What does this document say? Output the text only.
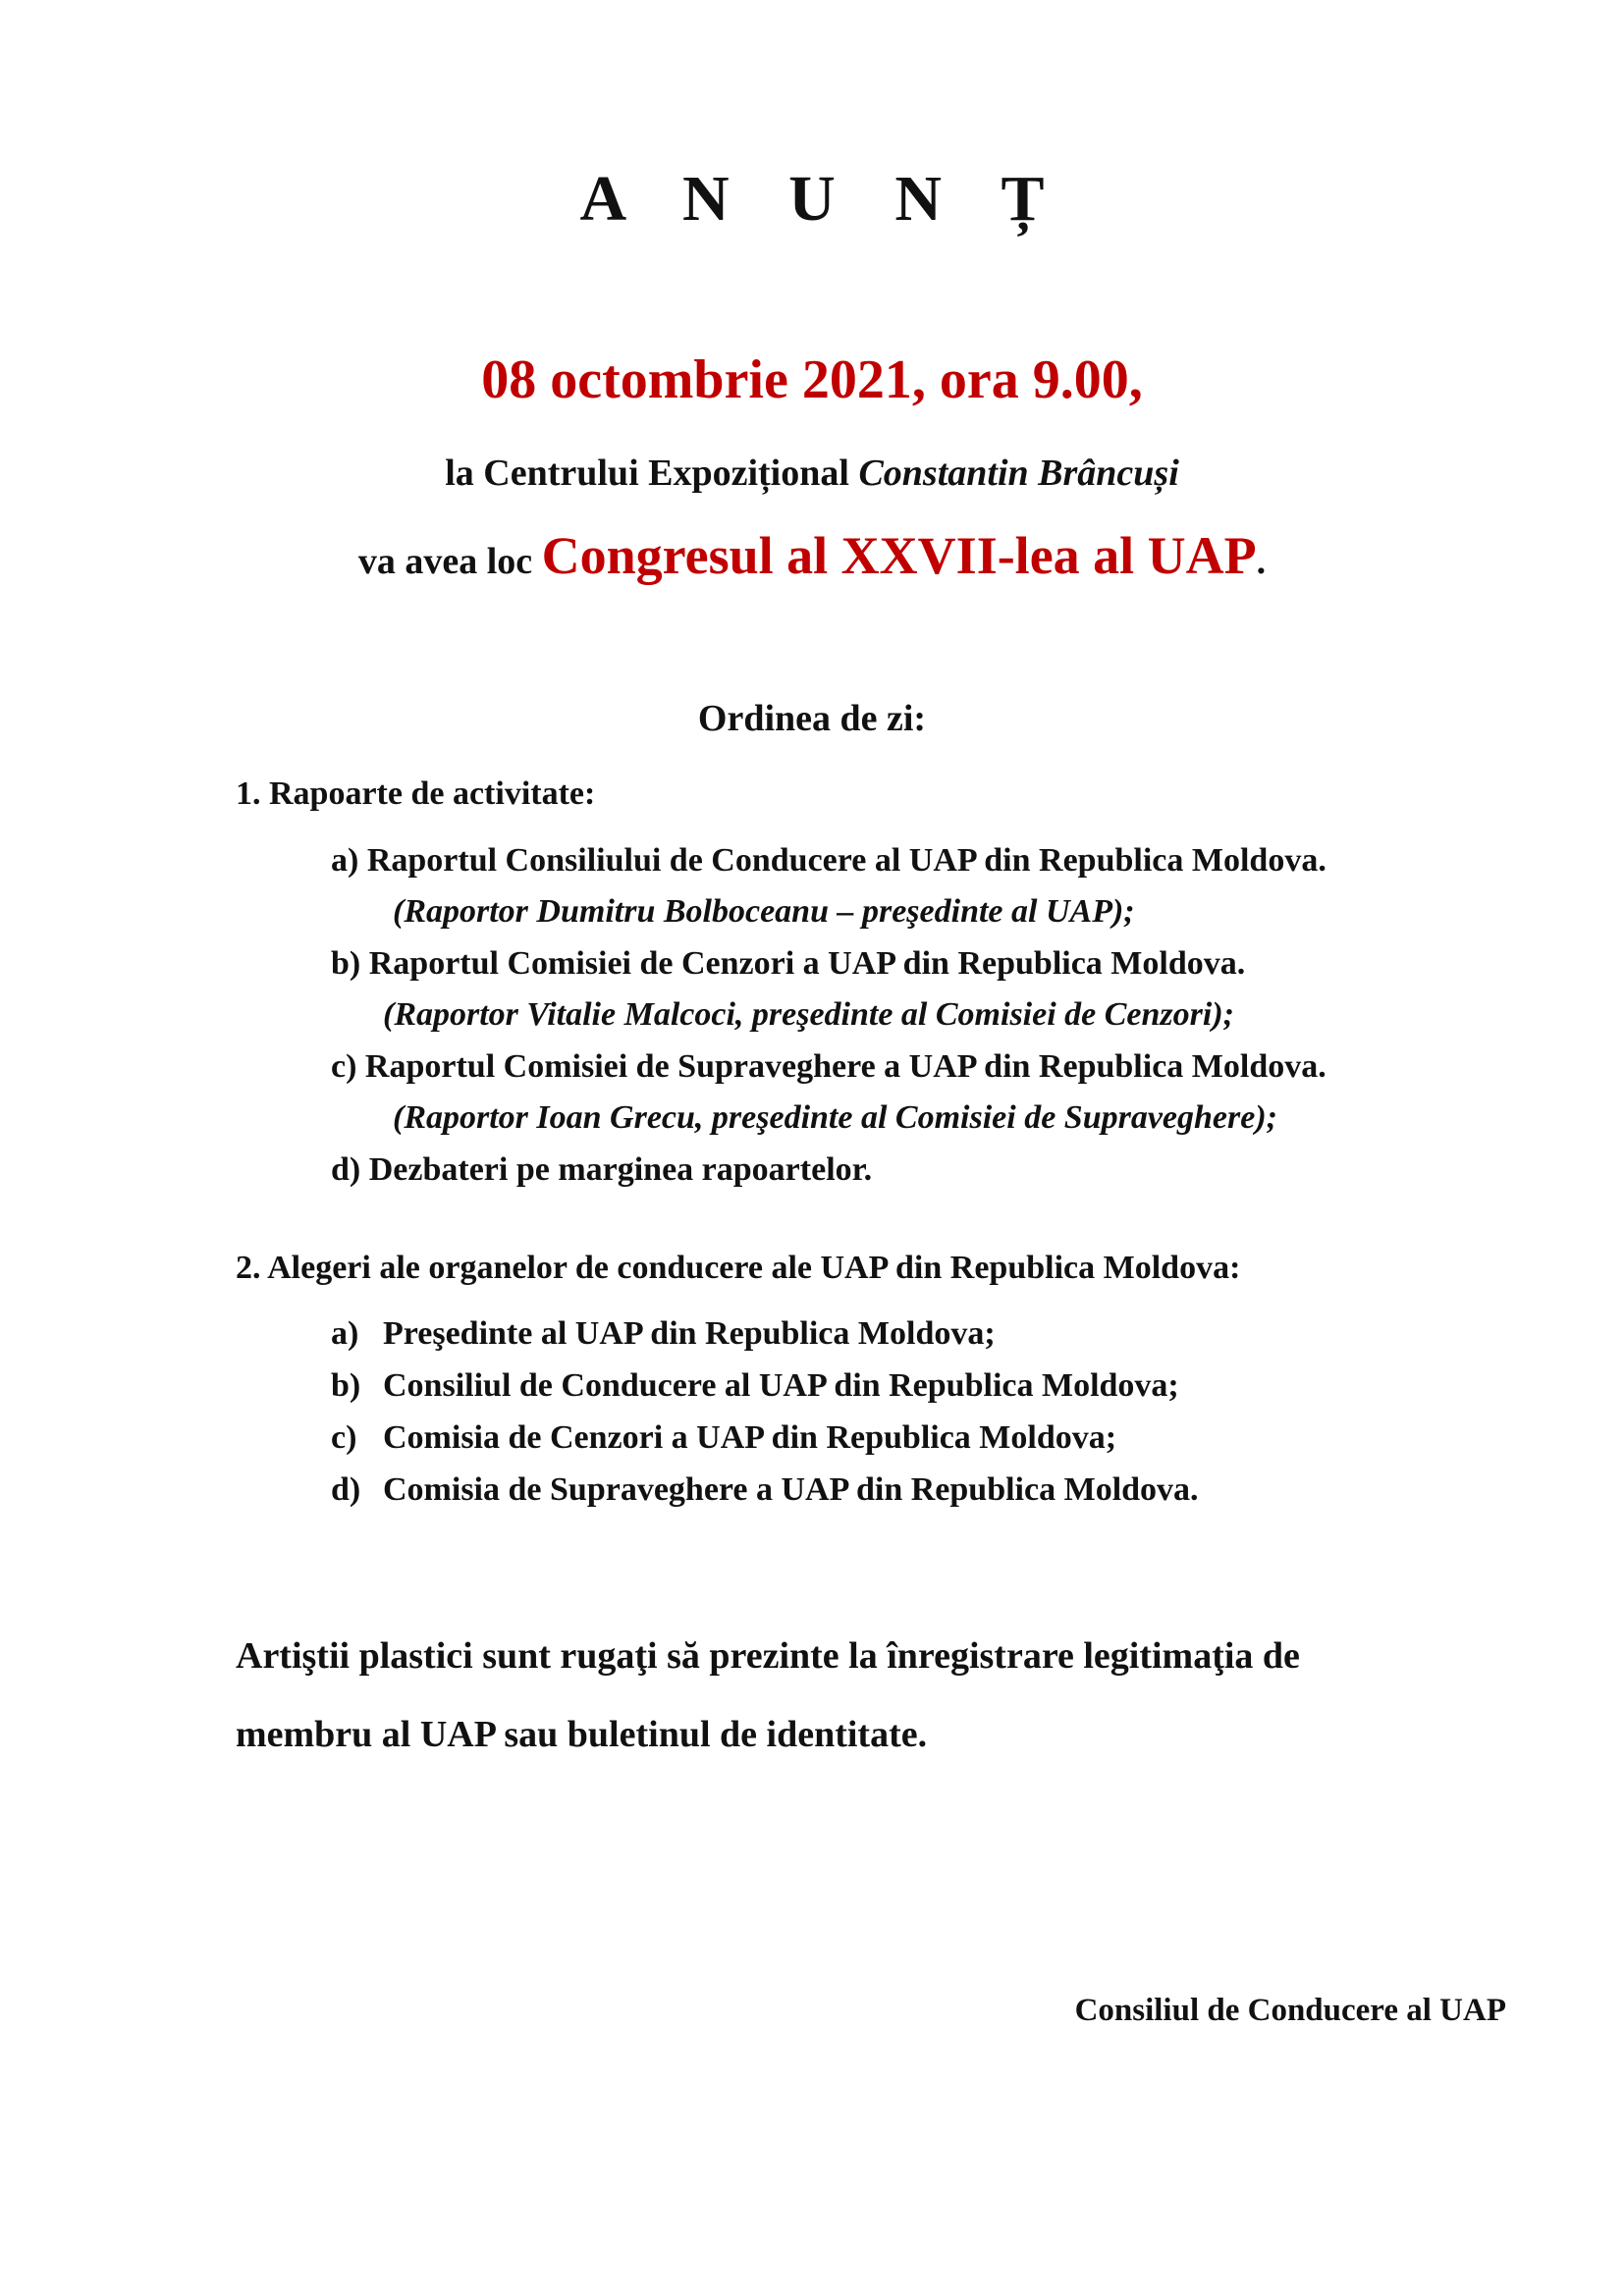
A N U N Ț
08 octombrie 2021, ora 9.00,
la Centrului Expozițional Constantin Brâncuși
va avea loc Congresul al XXVII-lea al UAP.
Ordinea de zi:
1. Rapoarte de activitate:
a) Raportul Consiliului de Conducere al UAP din Republica Moldova.
(Raportor Dumitru Bolboceanu – preşedinte al UAP);
b) Raportul Comisiei de Cenzori a UAP din Republica Moldova.
(Raportor Vitalie Malcoci, preşedinte al Comisiei de Cenzori);
c) Raportul Comisiei de Supraveghere a UAP din Republica Moldova.
(Raportor Ioan Grecu, preşedinte al Comisiei de Supraveghere);
d) Dezbateri pe marginea rapoartelor.
2. Alegeri ale organelor de conducere ale UAP din Republica Moldova:
a) Preşedinte al UAP din Republica Moldova;
b) Consiliul de Conducere al UAP din Republica Moldova;
c) Comisia de Cenzori a UAP din Republica Moldova;
d) Comisia de Supraveghere a UAP din Republica Moldova.
Artiştii plastici sunt rugaţi să prezinte la înregistrare legitimaţia de
membru al UAP sau buletinul de identitate.
Consiliul de Conducere al UAP
